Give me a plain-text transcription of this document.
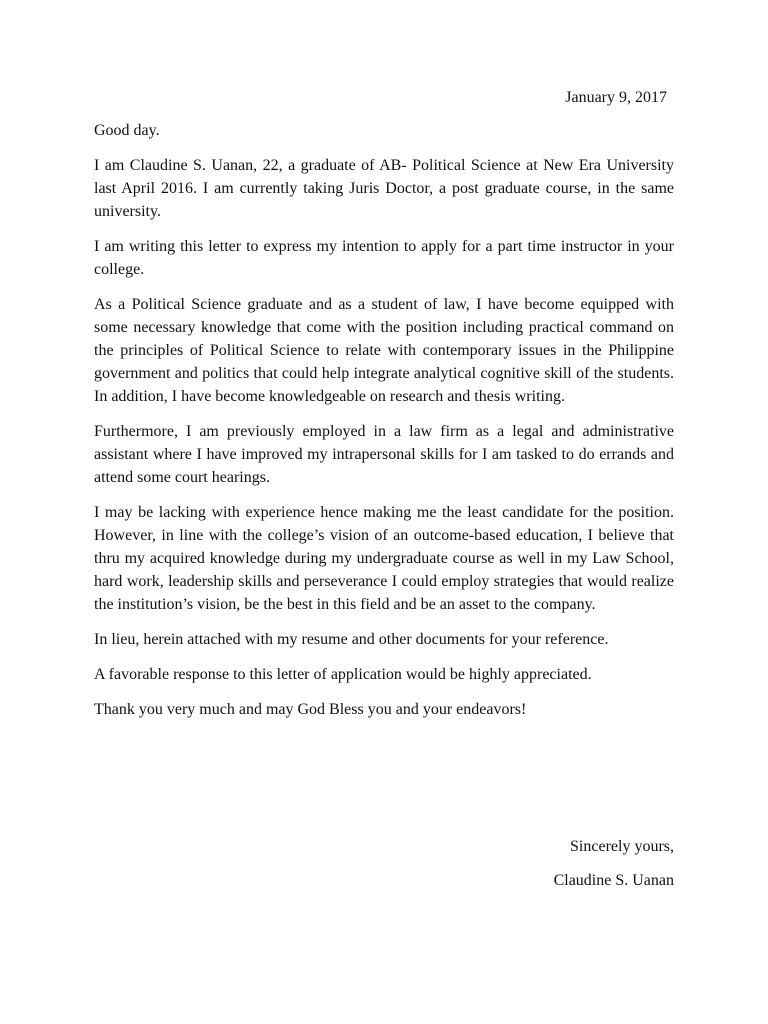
January 9, 2017

Good day.

I am Claudine S. Uanan, 22, a graduate of AB- Political Science at New Era University last April 2016. I am currently taking Juris Doctor, a post graduate course, in the same university.

I am writing this letter to express my intention to apply for a part time instructor in your college.

As a Political Science graduate and as a student of law, I have become equipped with some necessary knowledge that come with the position including practical command on the principles of Political Science to relate with contemporary issues in the Philippine government and politics that could help integrate analytical cognitive skill of the students. In addition, I have become knowledgeable on research and thesis writing.

Furthermore, I am previously employed in a law firm as a legal and administrative assistant where I have improved my intrapersonal skills for I am tasked to do errands and attend some court hearings.

I may be lacking with experience hence making me the least candidate for the position. However, in line with the college’s vision of an outcome-based education, I believe that thru my acquired knowledge during my undergraduate course as well in my Law School, hard work, leadership skills and perseverance I could employ strategies that would realize the institution’s vision, be the best in this field and be an asset to the company.

In lieu, herein attached with my resume and other documents for your reference.

A favorable response to this letter of application would be highly appreciated.

Thank you very much and may God Bless you and your endeavors!

Sincerely yours,
Claudine S. Uanan
